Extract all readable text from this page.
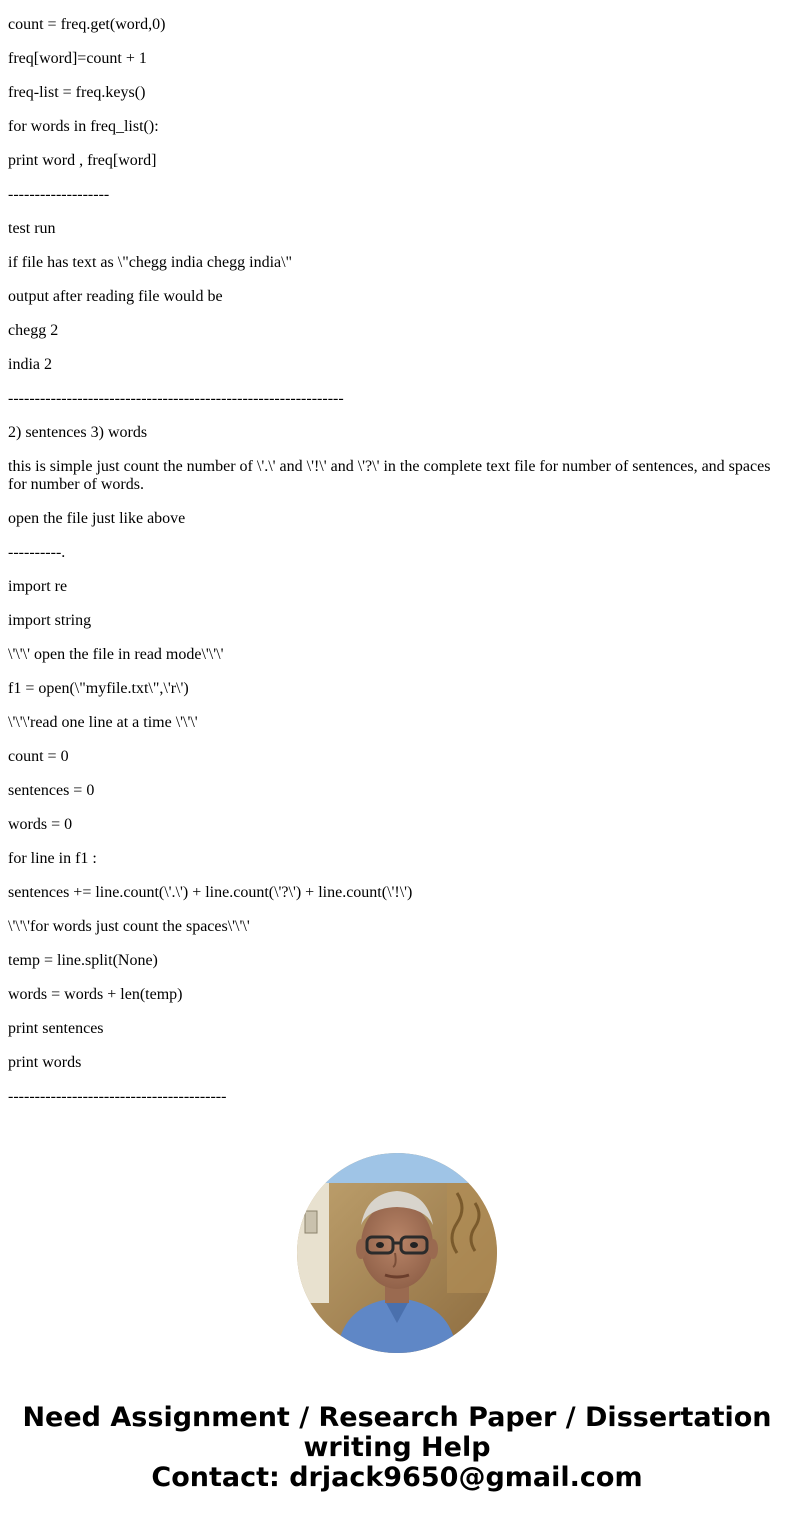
count = freq.get(word,0)

freq[word]=count + 1

freq-list = freq.keys()

for words in freq_list():

print word , freq[word]

-------------------

test run

if file has text as \"chegg india chegg india\"

output after reading file would be

chegg 2

india 2

---------------------------------------------------------------

2) sentences 3) words

this is simple just count the number of \'.\' and \'!\' and \'?\' in the complete text file for number of sentences, and spaces for number of words.

open the file just like above

----------.

import re

import string

\'\'\' open the file in read mode\'\'\'

f1 = open(\"myfile.txt\",\'r\')

\'\'\'read one line at a time \'\'\'

count = 0

sentences = 0

words = 0

for line in f1 :

sentences += line.count(\'.\') + line.count(\'?\') + line.count(\'!\')

\'\'\'for words just count the spaces\'\'\'

temp = line.split(None)

words = words + len(temp)

print sentences

print words

-----------------------------------------

Need Assignment / Research Paper / Dissertation
writing Help
Contact: drjack9650@gmail.com
